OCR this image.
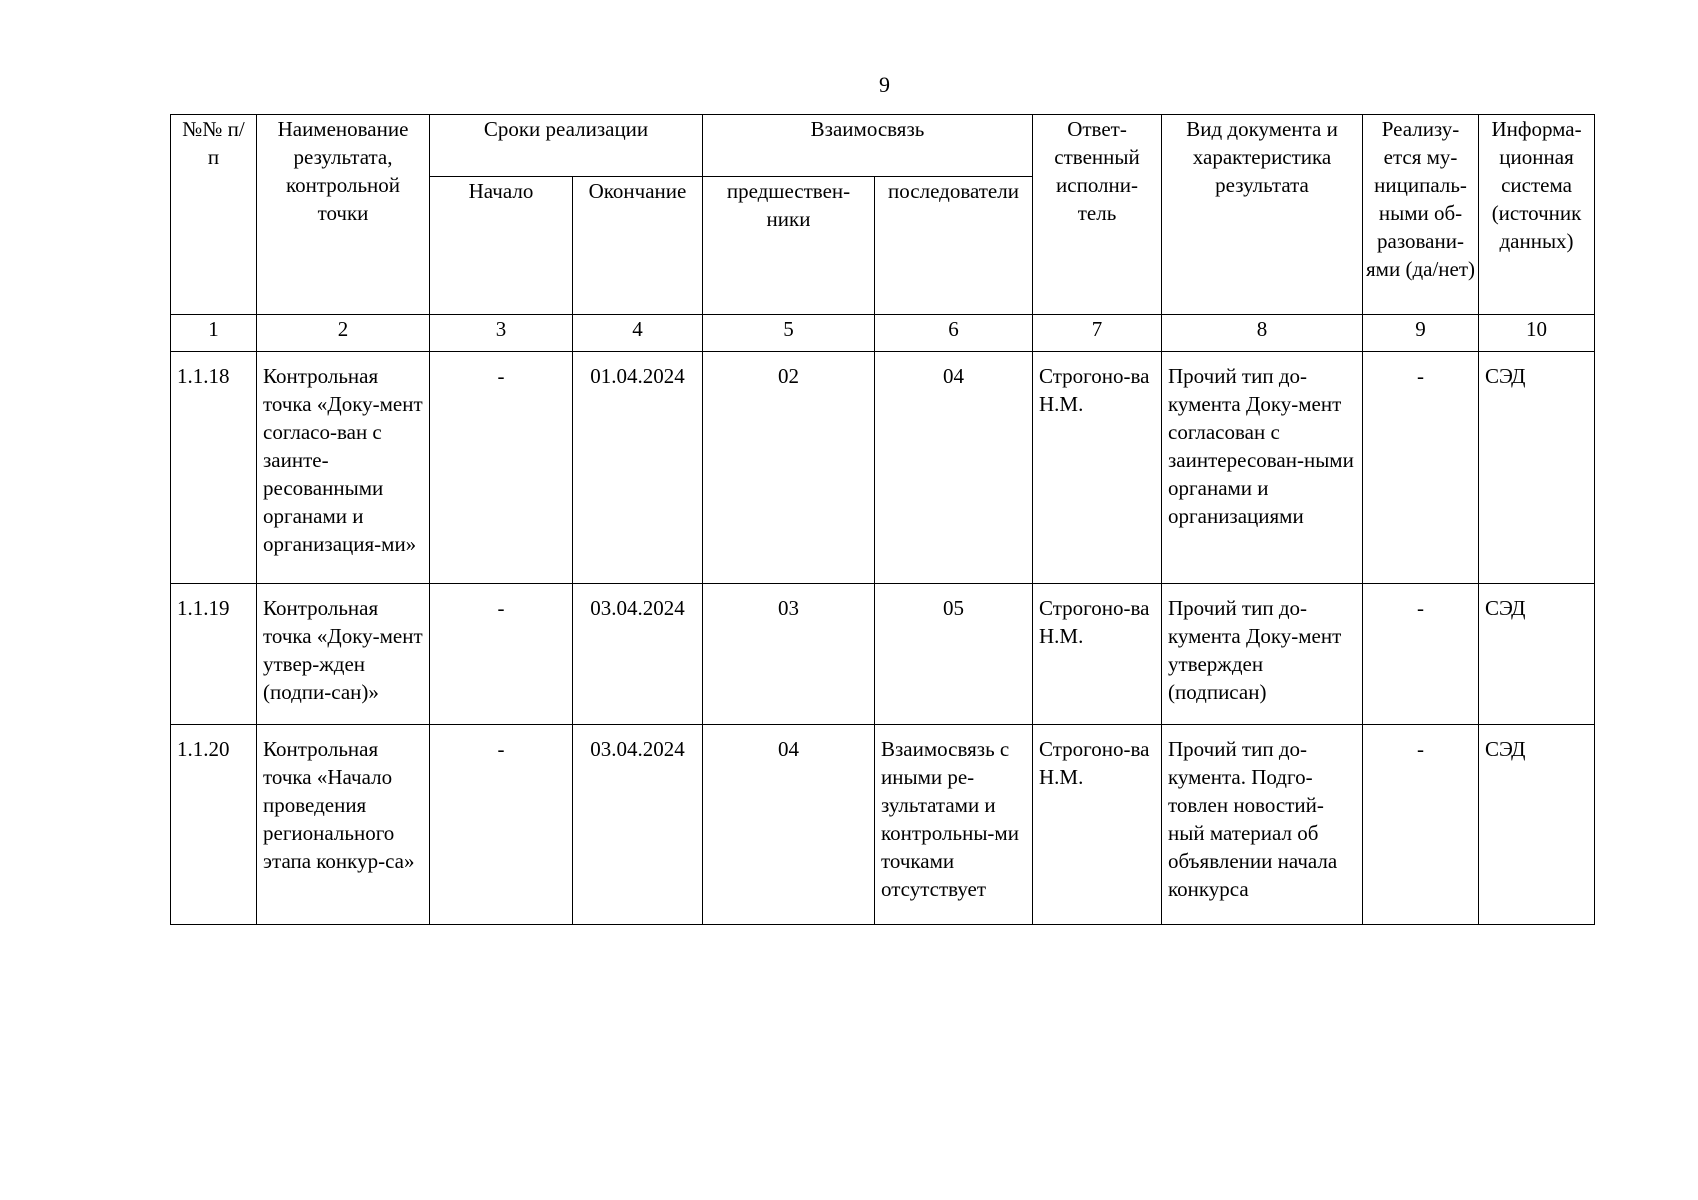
9
№№ п/п	Наименование результата, контрольной точки	Сроки реализации		Взаимосвязь		Ответ-ственный исполни-тель	Вид документа и характеристика результата	Реализу-ется му-ниципаль-ными об-разовани-ями (да/нет)	Информа-ционная система (источник данных)
		Начало	Окончание	предшествен-ники	последователи				
1	2	3	4	5	6	7	8	9	10

1.1.18	Контрольная точка «Доку-мент согласо-ван с заинте-ресованными органами и организация-ми»	-	01.04.2024	02	04	Строгоно-ва Н.М.	Прочий тип до-кумента Доку-мент согласован с заинтересован-ными органами и организациями	-	СЭД

1.1.19	Контрольная точка «Доку-мент утвер-жден (подпи-сан)»	-	03.04.2024	03	05	Строгоно-ва Н.М.	Прочий тип до-кумента Доку-мент утвержден (подписан)	-	СЭД

1.1.20	Контрольная точка «Начало проведения регионального этапа конкур-са»	-	03.04.2024	04	Взаимосвязь с иными ре-зультатами и контрольны-ми точками отсутствует	Строгоно-ва Н.М.	Прочий тип до-кумента. Подго-товлен новостий-ный материал об объявлении начала конкурса	-	СЭД
